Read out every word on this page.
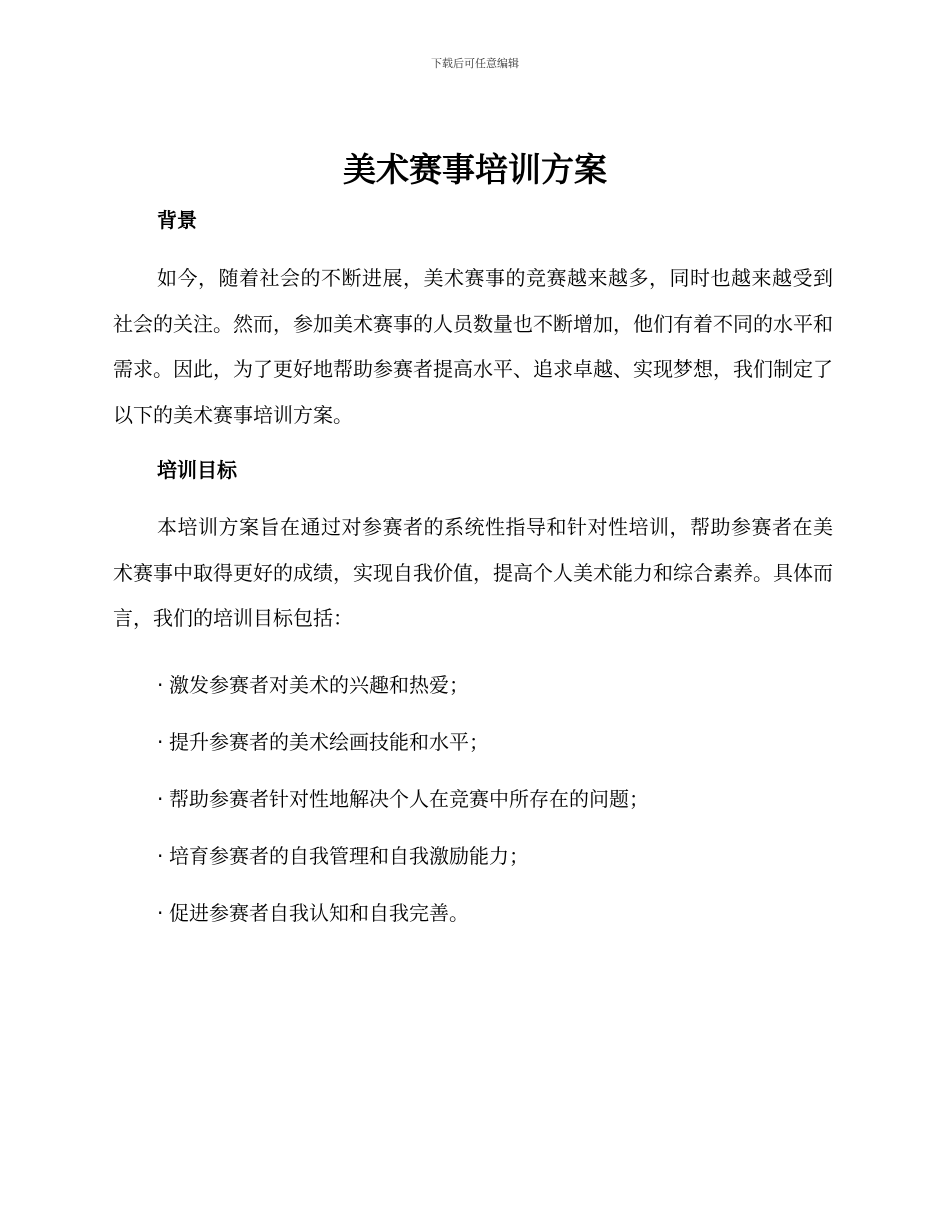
下载后可任意编辑
美术赛事培训方案
背景

如今，随着社会的不断进展，美术赛事的竞赛越来越多，同时也越来越受到社会的关注。然而，参加美术赛事的人员数量也不断增加，他们有着不同的水平和需求。因此，为了更好地帮助参赛者提高水平、追求卓越、实现梦想，我们制定了以下的美术赛事培训方案。

培训目标

本培训方案旨在通过对参赛者的系统性指导和针对性培训，帮助参赛者在美术赛事中取得更好的成绩，实现自我价值，提高个人美术能力和综合素养。具体而言，我们的培训目标包括：

· 激发参赛者对美术的兴趣和热爱；
· 提升参赛者的美术绘画技能和水平；
· 帮助参赛者针对性地解决个人在竞赛中所存在的问题；
· 培育参赛者的自我管理和自我激励能力；
· 促进参赛者自我认知和自我完善。
